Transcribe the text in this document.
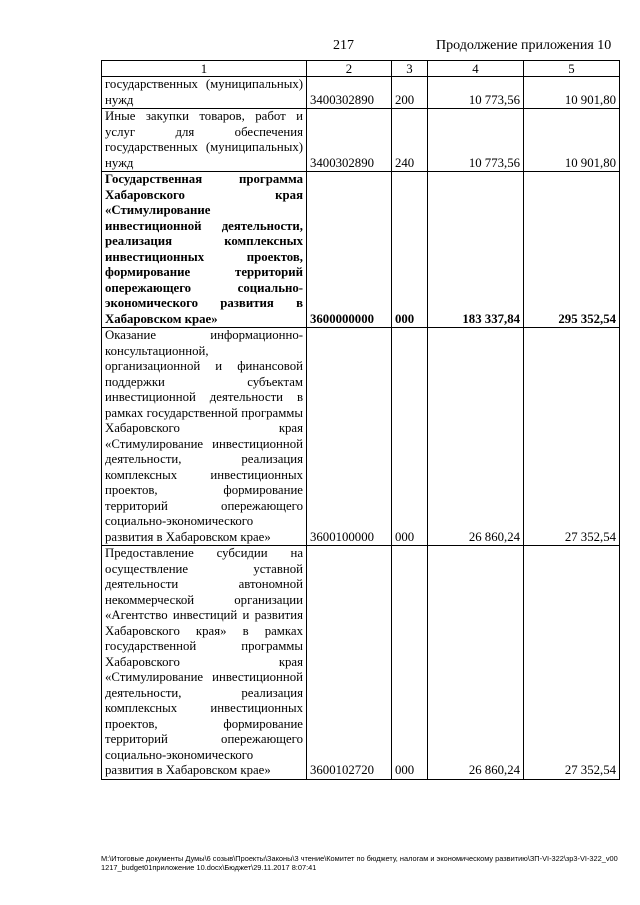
217	Продолжение приложения 10
1	2	3	4	5

государственных (муниципальных) нужд	3400302890	200	10 773,56	10 901,80

Иные закупки товаров, работ и услуг для обеспечения государственных (муниципальных) нужд	3400302890	240	10 773,56	10 901,80

Государственная программа Хабаровского края «Стимулирование инвестиционной деятельности, реализация комплексных инвестиционных проектов, формирование территорий опережающего социально-экономического развития в Хабаровском крае»	3600000000	000	183 337,84	295 352,54

Оказание информационно-консультационной, организационной и финансовой поддержки субъектам инвестиционной деятельности в рамках государственной программы Хабаровского края «Стимулирование инвестиционной деятельности, реализация комплексных инвестиционных проектов, формирование территорий опережающего социально-экономического развития в Хабаровском крае»	3600100000	000	26 860,24	27 352,54

Предоставление субсидии на осуществление уставной деятельности автономной некоммерческой организации «Агентство инвестиций и развития Хабаровского края» в рамках государственной программы Хабаровского края «Стимулирование инвестиционной деятельности, реализация комплексных инвестиционных проектов, формирование территорий опережающего социально-экономического развития в Хабаровском крае»	3600102720	000	26 860,24	27 352,54
M:\Итоговые документы Думы\6 созыв\Проекты\Законы\3 чтение\Комитет по бюджету, налогам и экономическому развитию\ЗП-VI-322\зр3-VI-322_v001217_budget01приложение 10.docx\Бюджет\29.11.2017 8:07:41
